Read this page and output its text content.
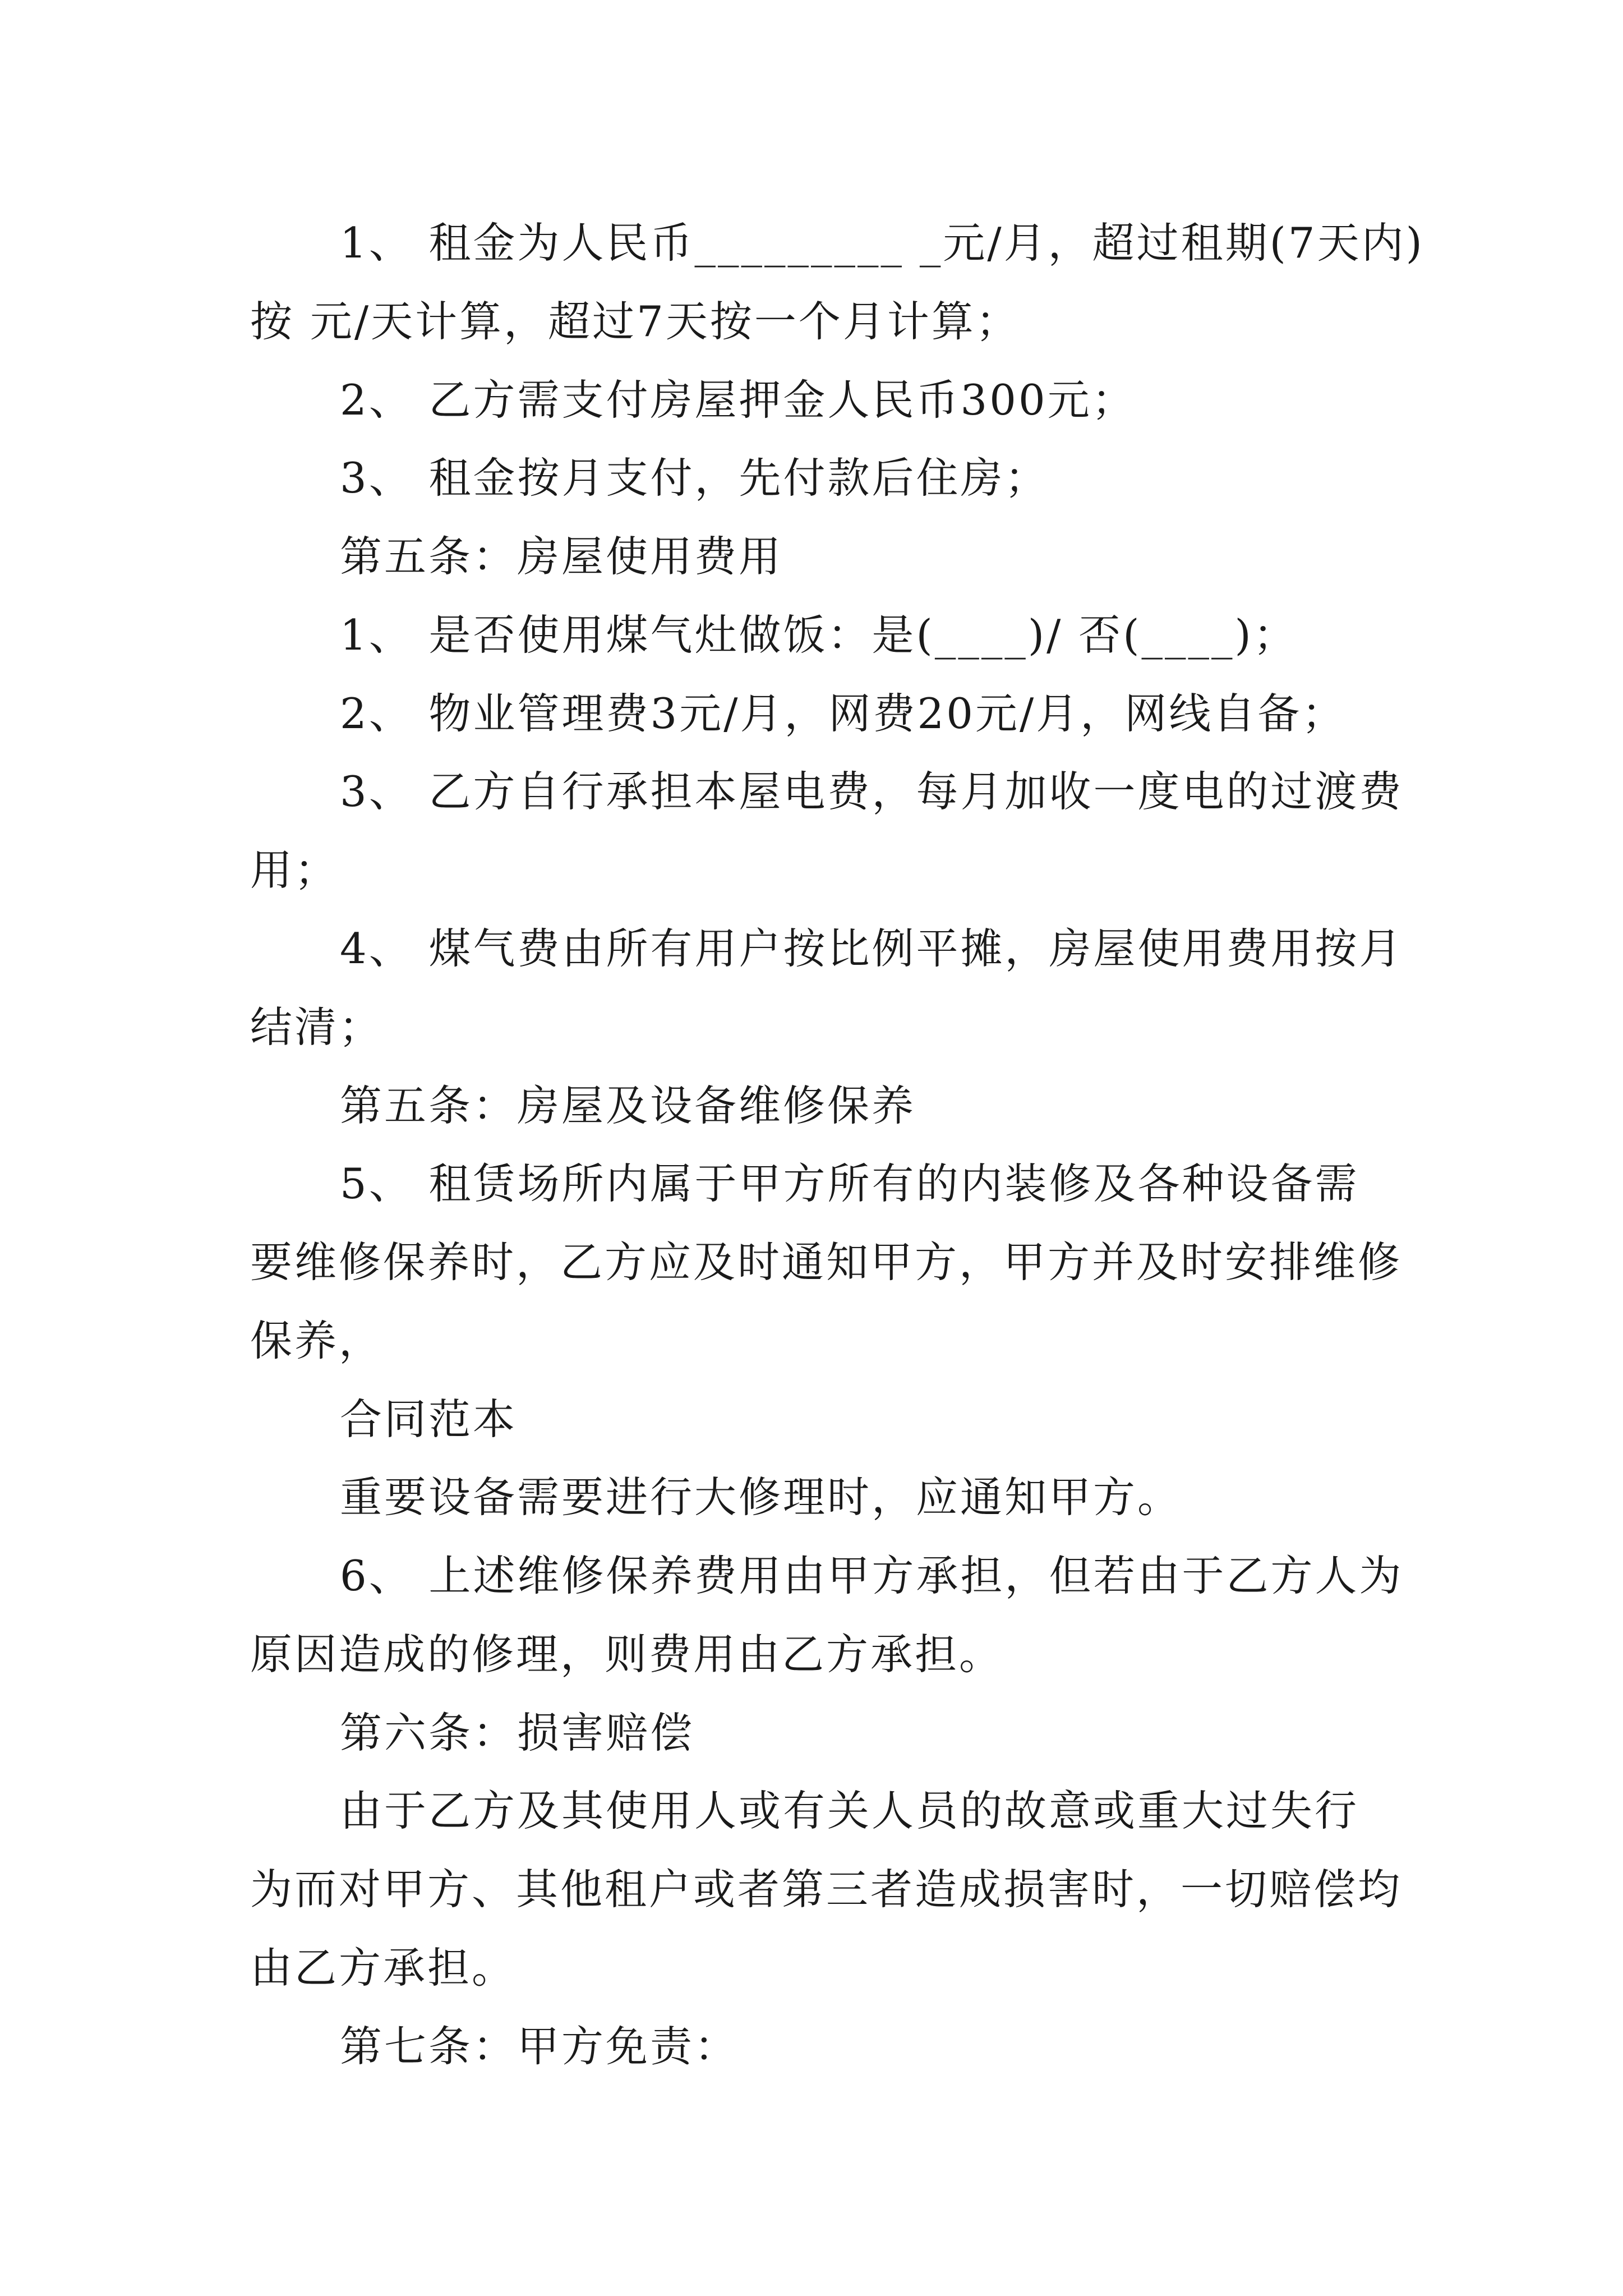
1、 租金为人民币_________ _元/月，超过租期(7天内)
按 元/天计算，超过7天按一个月计算；
2、 乙方需支付房屋押金人民币300元；
3、 租金按月支付，先付款后住房；
第五条：房屋使用费用
1、 是否使用煤气灶做饭：是(____)/ 否(____)；
2、 物业管理费3元/月，网费20元/月，网线自备；
3、 乙方自行承担本屋电费，每月加收一度电的过渡费
用；
4、 煤气费由所有用户按比例平摊，房屋使用费用按月
结清；
第五条：房屋及设备维修保养
5、 租赁场所内属于甲方所有的内装修及各种设备需
要维修保养时，乙方应及时通知甲方，甲方并及时安排维修
保养，
合同范本
重要设备需要进行大修理时，应通知甲方。
6、 上述维修保养费用由甲方承担，但若由于乙方人为
原因造成的修理，则费用由乙方承担。
第六条：损害赔偿
由于乙方及其使用人或有关人员的故意或重大过失行
为而对甲方、其他租户或者第三者造成损害时，一切赔偿均
由乙方承担。
第七条：甲方免责：
